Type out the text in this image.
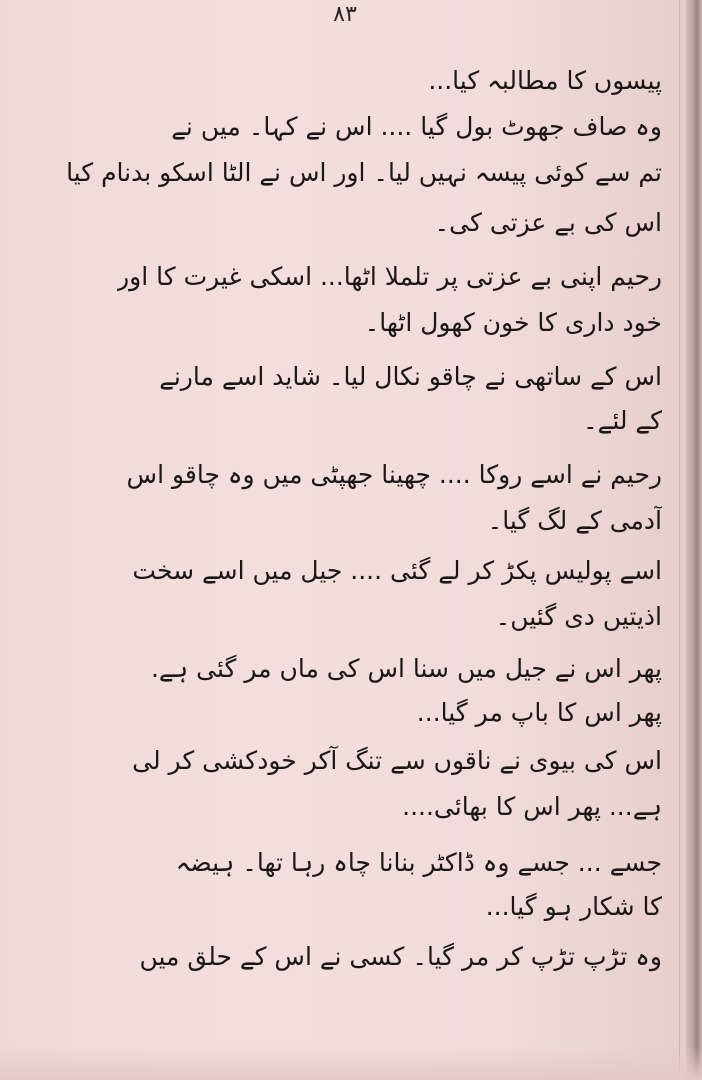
۸۳
پیسوں کا مطالبہ کیا...
وہ صاف جھوٹ بول گیا .... اس نے کہا۔ میں نے
تم سے کوئی پیسہ نہیں لیا۔ اور اس نے الٹا اسکو بدنام کیا
اس کی بے عزتی کی۔
رحیم اپنی بے عزتی پر تلملا اٹھا... اسکی غیرت کا اور
خود داری کا خون کھول اٹھا۔
اس کے ساتھی نے چاقو نکال لیا۔ شاید اسے مارنے
کے لئے۔
رحیم نے اسے روکا .... چھینا جھپٹی میں وہ چاقو اس
آدمی کے لگ گیا۔
اسے پولیس پکڑ کر لے گئی .... جیل میں اسے سخت
اذیتیں دی گئیں۔
پھر اس نے جیل میں سنا اس کی ماں مر گئی ہے.
پھر اس کا باپ مر گیا...
اس کی بیوی نے ناقوں سے تنگ آکر خودکشی کر لی
ہے... پھر اس کا بھائی....
جسے ... جسے وہ ڈاکٹر بنانا چاہ رہا تھا۔ ہیضہ
کا شکار ہو گیا...
وہ تڑپ تڑپ کر مر گیا۔ کسی نے اس کے حلق میں
